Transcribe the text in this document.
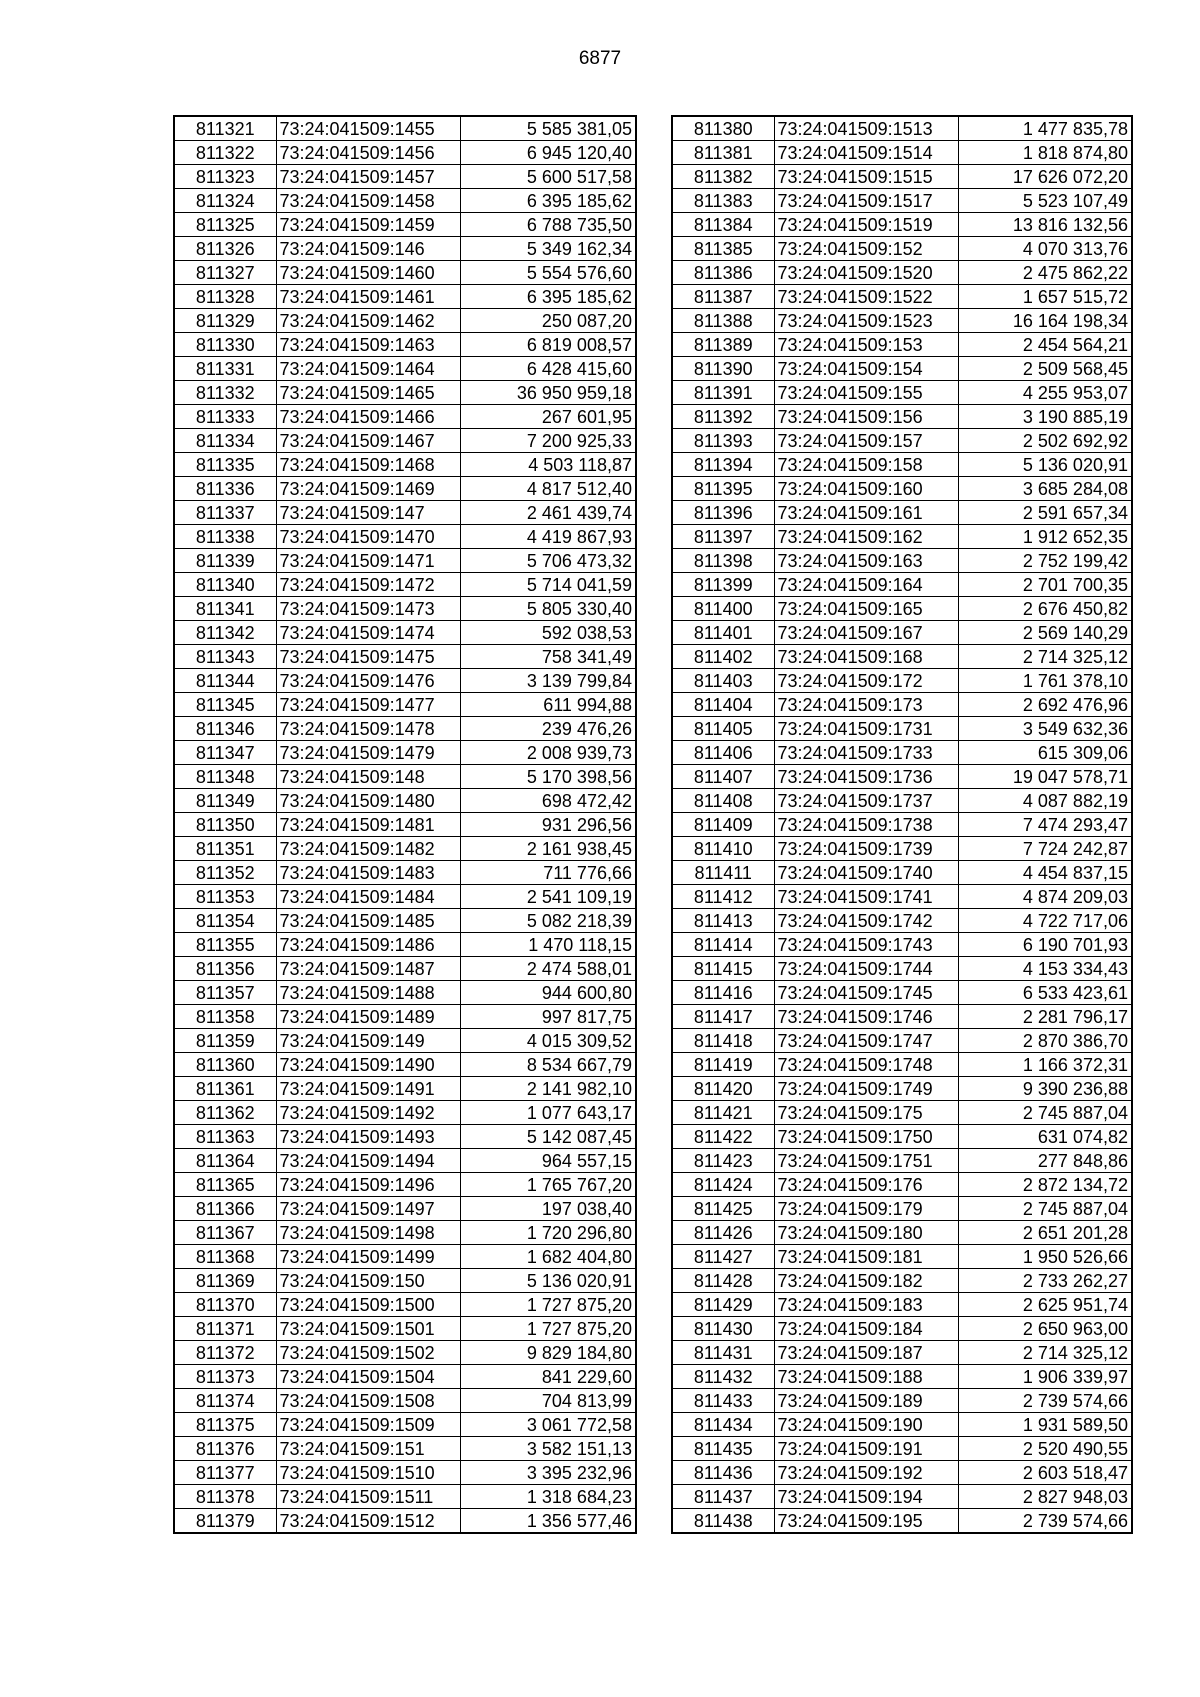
6877
811321	73:24:041509:1455	5 585 381,05
811322	73:24:041509:1456	6 945 120,40
811323	73:24:041509:1457	5 600 517,58
811324	73:24:041509:1458	6 395 185,62
811325	73:24:041509:1459	6 788 735,50
811326	73:24:041509:146	5 349 162,34
811327	73:24:041509:1460	5 554 576,60
811328	73:24:041509:1461	6 395 185,62
811329	73:24:041509:1462	250 087,20
811330	73:24:041509:1463	6 819 008,57
811331	73:24:041509:1464	6 428 415,60
811332	73:24:041509:1465	36 950 959,18
811333	73:24:041509:1466	267 601,95
811334	73:24:041509:1467	7 200 925,33
811335	73:24:041509:1468	4 503 118,87
811336	73:24:041509:1469	4 817 512,40
811337	73:24:041509:147	2 461 439,74
811338	73:24:041509:1470	4 419 867,93
811339	73:24:041509:1471	5 706 473,32
811340	73:24:041509:1472	5 714 041,59
811341	73:24:041509:1473	5 805 330,40
811342	73:24:041509:1474	592 038,53
811343	73:24:041509:1475	758 341,49
811344	73:24:041509:1476	3 139 799,84
811345	73:24:041509:1477	611 994,88
811346	73:24:041509:1478	239 476,26
811347	73:24:041509:1479	2 008 939,73
811348	73:24:041509:148	5 170 398,56
811349	73:24:041509:1480	698 472,42
811350	73:24:041509:1481	931 296,56
811351	73:24:041509:1482	2 161 938,45
811352	73:24:041509:1483	711 776,66
811353	73:24:041509:1484	2 541 109,19
811354	73:24:041509:1485	5 082 218,39
811355	73:24:041509:1486	1 470 118,15
811356	73:24:041509:1487	2 474 588,01
811357	73:24:041509:1488	944 600,80
811358	73:24:041509:1489	997 817,75
811359	73:24:041509:149	4 015 309,52
811360	73:24:041509:1490	8 534 667,79
811361	73:24:041509:1491	2 141 982,10
811362	73:24:041509:1492	1 077 643,17
811363	73:24:041509:1493	5 142 087,45
811364	73:24:041509:1494	964 557,15
811365	73:24:041509:1496	1 765 767,20
811366	73:24:041509:1497	197 038,40
811367	73:24:041509:1498	1 720 296,80
811368	73:24:041509:1499	1 682 404,80
811369	73:24:041509:150	5 136 020,91
811370	73:24:041509:1500	1 727 875,20
811371	73:24:041509:1501	1 727 875,20
811372	73:24:041509:1502	9 829 184,80
811373	73:24:041509:1504	841 229,60
811374	73:24:041509:1508	704 813,99
811375	73:24:041509:1509	3 061 772,58
811376	73:24:041509:151	3 582 151,13
811377	73:24:041509:1510	3 395 232,96
811378	73:24:041509:1511	1 318 684,23
811379	73:24:041509:1512	1 356 577,46
811380	73:24:041509:1513	1 477 835,78
811381	73:24:041509:1514	1 818 874,80
811382	73:24:041509:1515	17 626 072,20
811383	73:24:041509:1517	5 523 107,49
811384	73:24:041509:1519	13 816 132,56
811385	73:24:041509:152	4 070 313,76
811386	73:24:041509:1520	2 475 862,22
811387	73:24:041509:1522	1 657 515,72
811388	73:24:041509:1523	16 164 198,34
811389	73:24:041509:153	2 454 564,21
811390	73:24:041509:154	2 509 568,45
811391	73:24:041509:155	4 255 953,07
811392	73:24:041509:156	3 190 885,19
811393	73:24:041509:157	2 502 692,92
811394	73:24:041509:158	5 136 020,91
811395	73:24:041509:160	3 685 284,08
811396	73:24:041509:161	2 591 657,34
811397	73:24:041509:162	1 912 652,35
811398	73:24:041509:163	2 752 199,42
811399	73:24:041509:164	2 701 700,35
811400	73:24:041509:165	2 676 450,82
811401	73:24:041509:167	2 569 140,29
811402	73:24:041509:168	2 714 325,12
811403	73:24:041509:172	1 761 378,10
811404	73:24:041509:173	2 692 476,96
811405	73:24:041509:1731	3 549 632,36
811406	73:24:041509:1733	615 309,06
811407	73:24:041509:1736	19 047 578,71
811408	73:24:041509:1737	4 087 882,19
811409	73:24:041509:1738	7 474 293,47
811410	73:24:041509:1739	7 724 242,87
811411	73:24:041509:1740	4 454 837,15
811412	73:24:041509:1741	4 874 209,03
811413	73:24:041509:1742	4 722 717,06
811414	73:24:041509:1743	6 190 701,93
811415	73:24:041509:1744	4 153 334,43
811416	73:24:041509:1745	6 533 423,61
811417	73:24:041509:1746	2 281 796,17
811418	73:24:041509:1747	2 870 386,70
811419	73:24:041509:1748	1 166 372,31
811420	73:24:041509:1749	9 390 236,88
811421	73:24:041509:175	2 745 887,04
811422	73:24:041509:1750	631 074,82
811423	73:24:041509:1751	277 848,86
811424	73:24:041509:176	2 872 134,72
811425	73:24:041509:179	2 745 887,04
811426	73:24:041509:180	2 651 201,28
811427	73:24:041509:181	1 950 526,66
811428	73:24:041509:182	2 733 262,27
811429	73:24:041509:183	2 625 951,74
811430	73:24:041509:184	2 650 963,00
811431	73:24:041509:187	2 714 325,12
811432	73:24:041509:188	1 906 339,97
811433	73:24:041509:189	2 739 574,66
811434	73:24:041509:190	1 931 589,50
811435	73:24:041509:191	2 520 490,55
811436	73:24:041509:192	2 603 518,47
811437	73:24:041509:194	2 827 948,03
811438	73:24:041509:195	2 739 574,66
